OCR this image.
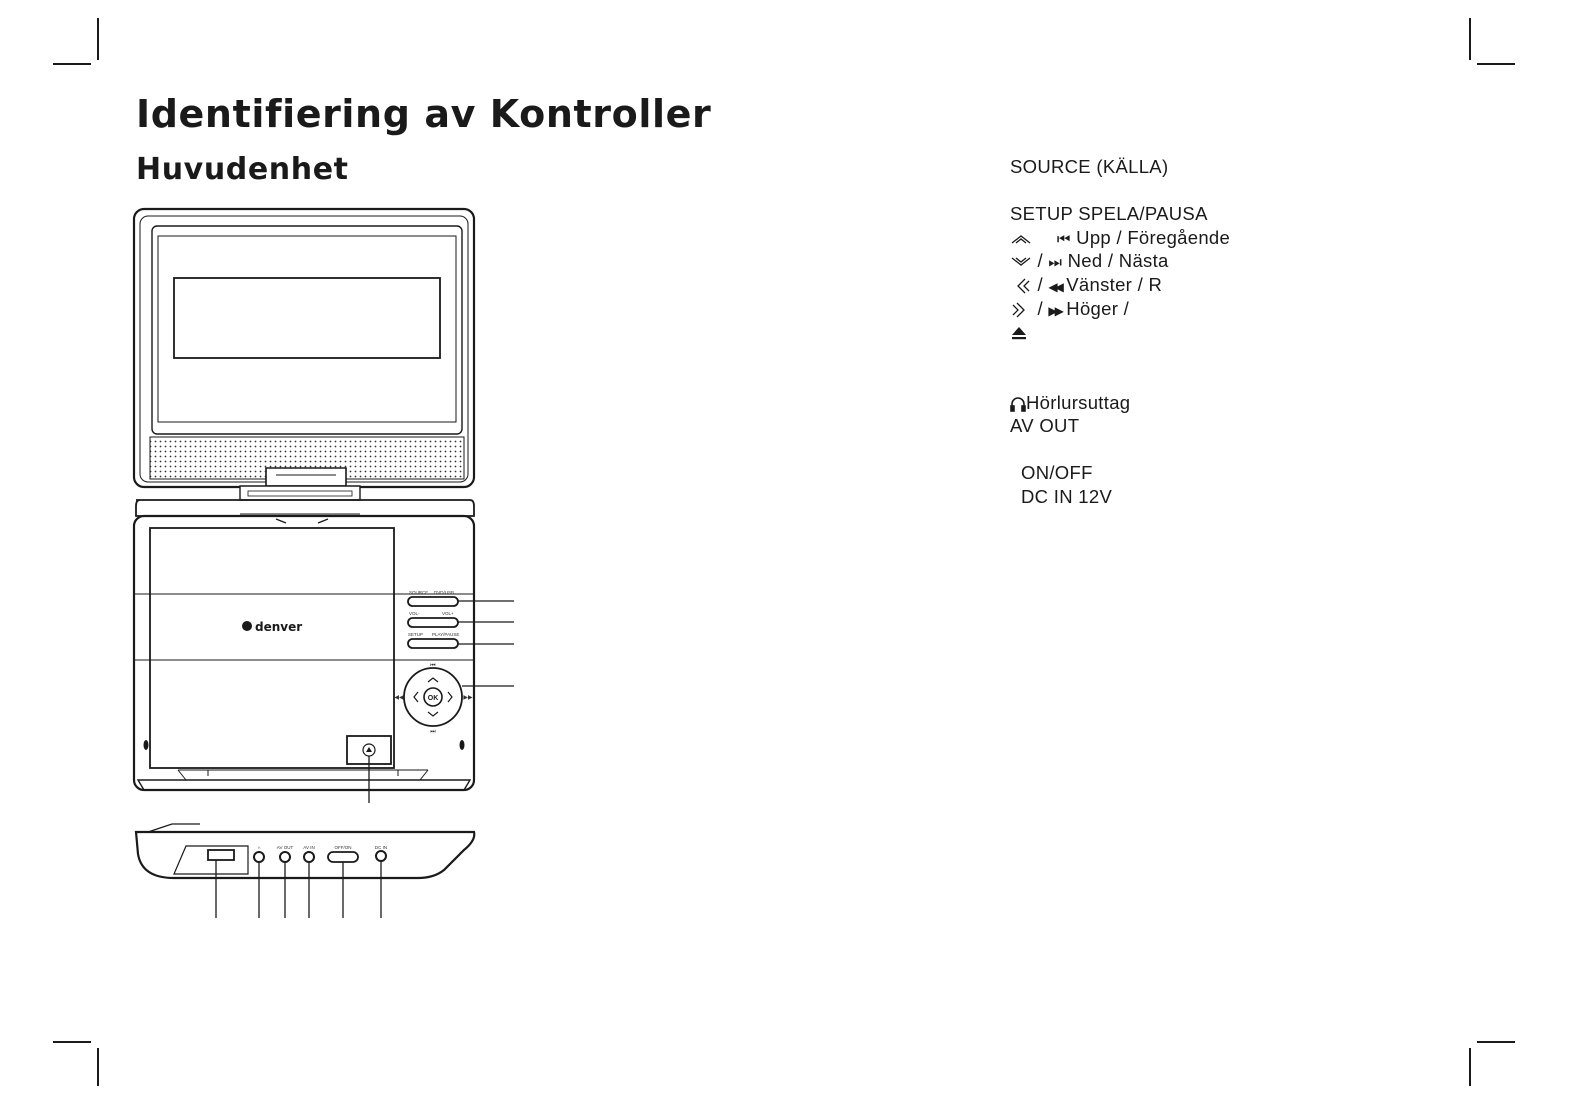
Identifiering av Kontroller
Huvudenhet
denver
SOURCE DVD/USB
VOL-	VOL+
SETUP PLAY/PAUSE
OK
⏮
⏭
◀◀	▶▶
∩	AV OUT AV IN	OFF/ON	DC IN
SOURCE (KÄLLA)
SETUP SPELA/PAUSA
⏮ Upp / Föregående
/ ⏭ Ned / Nästa
/ ◀◀ Vänster / R
/ ▶▶ Höger /
Hörlursuttag
AV OUT
ON/OFF
DC IN 12V
